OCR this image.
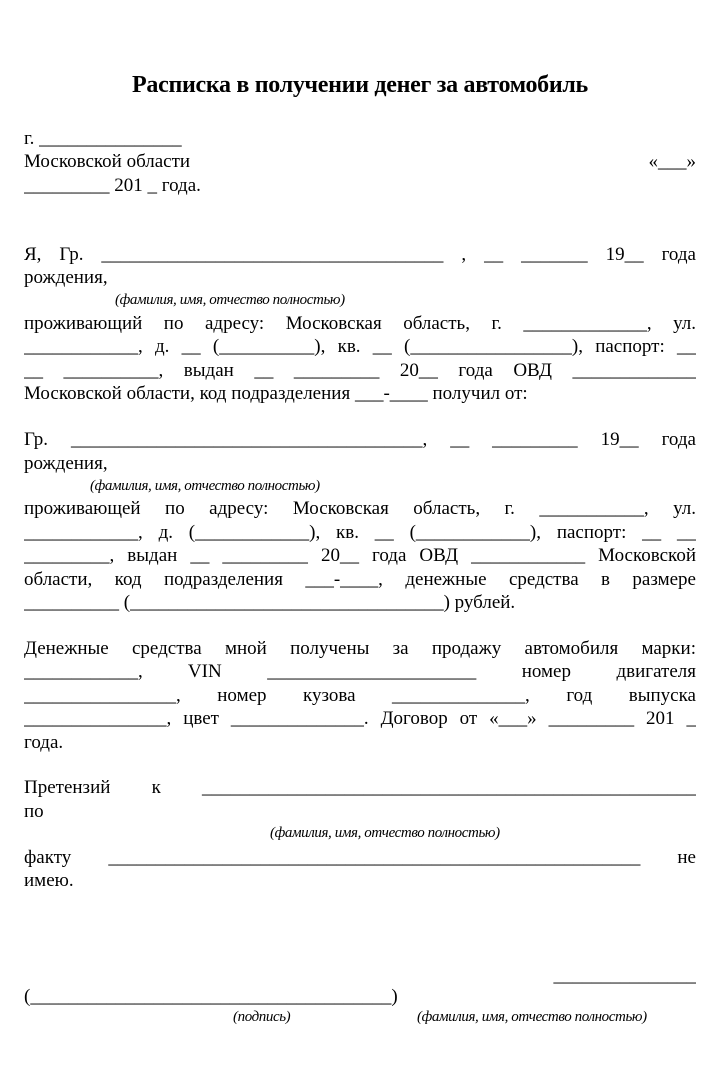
Расписка в получении денег за автомобиль
г. _______________
Московской области	«___»
_________ 201 _ года.
Я, Гр. ____________________________________ , __ _______ 19__ года
рождения,
(фамилия, имя, отчество полностью)
проживающий по адресу: Московская область, г. _____________, ул.
____________, д. __ (__________), кв. __ (_________________), паспорт: __
__ __________, выдан __ _________ 20__ года ОВД _____________
Московской области, код подразделения ___-____ получил от:
Гр. _____________________________________, __ _________ 19__ года
рождения,
(фамилия, имя, отчество полностью)
проживающей по адресу: Московская область, г. ___________, ул.
____________, д. (____________), кв. __ (____________), паспорт: __ __
_________, выдан __ _________ 20__ года ОВД ____________ Московской
области, код подразделения ___-____, денежные средства в размере
__________ (_________________________________) рублей.
Денежные средства мной получены за продажу автомобиля марки:
____________, VIN ______________________ номер двигателя
________________, номер кузова ______________, год выпуска
_______________, цвет ______________. Договор от «___» _________ 201 _
года.
Претензий к ____________________________________________________
по
(фамилия, имя, отчество полностью)
факту ________________________________________________________ не
имею.
_______________
(______________________________________)
(подпись)	(фамилия, имя, отчество полностью)
